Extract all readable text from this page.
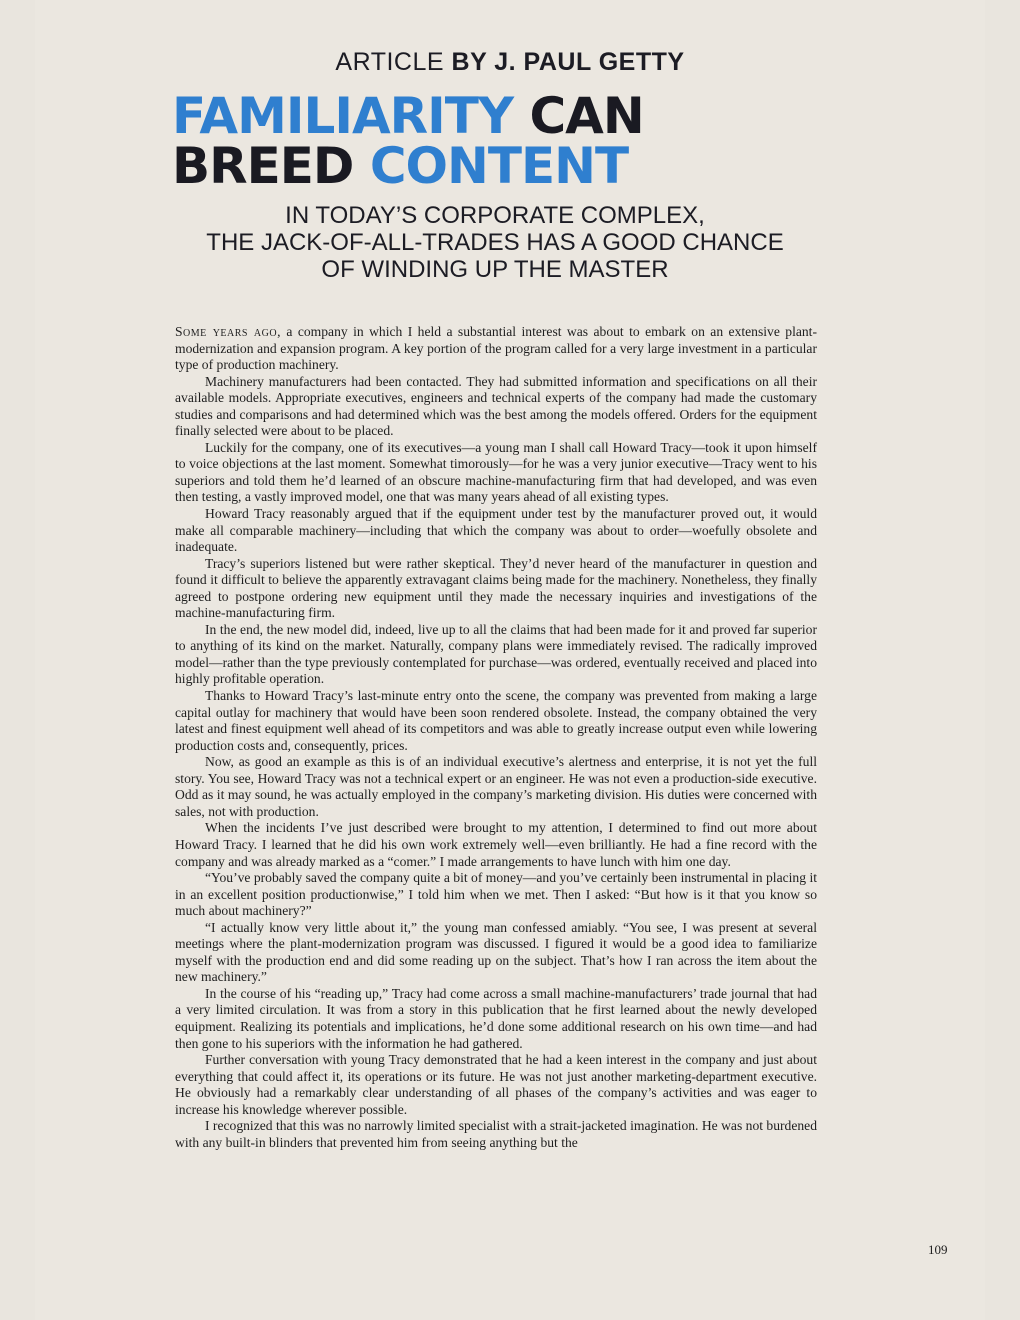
ARTICLE BY J. PAUL GETTY
FAMILIARITY CAN
BREED CONTENT
IN TODAY’S CORPORATE COMPLEX,
THE JACK-OF-ALL-TRADES HAS A GOOD CHANCE
OF WINDING UP THE MASTER

Some years ago, a company in which I held a substantial interest was about to embark on an extensive plant-modernization and expansion program. A key portion of the program called for a very large investment in a particular type of production machinery.

Machinery manufacturers had been contacted. They had submitted information and specifications on all their available models. Appropriate executives, engineers and technical experts of the company had made the customary studies and comparisons and had determined which was the best among the models offered. Orders for the equipment finally selected were about to be placed.

Luckily for the company, one of its executives—a young man I shall call Howard Tracy—took it upon himself to voice objections at the last moment. Somewhat timorously—for he was a very junior executive—Tracy went to his superiors and told them he’d learned of an obscure machine-manufacturing firm that had developed, and was even then testing, a vastly improved model, one that was many years ahead of all existing types.

Howard Tracy reasonably argued that if the equipment under test by the manufacturer proved out, it would make all comparable machinery—including that which the company was about to order—woefully obsolete and inadequate.

Tracy’s superiors listened but were rather skeptical. They’d never heard of the manufacturer in question and found it difficult to believe the apparently extravagant claims being made for the machinery. Nonetheless, they finally agreed to postpone ordering new equipment until they made the necessary inquiries and investigations of the machine-manufacturing firm.

In the end, the new model did, indeed, live up to all the claims that had been made for it and proved far superior to anything of its kind on the market. Naturally, company plans were immediately revised. The radically improved model—rather than the type previously contemplated for purchase—was ordered, eventually received and placed into highly profitable operation.

Thanks to Howard Tracy’s last-minute entry onto the scene, the company was prevented from making a large capital outlay for machinery that would have been soon rendered obsolete. Instead, the company obtained the very latest and finest equipment well ahead of its competitors and was able to greatly increase output even while lowering production costs and, consequently, prices.

Now, as good an example as this is of an individual executive’s alertness and enterprise, it is not yet the full story. You see, Howard Tracy was not a technical expert or an engineer. He was not even a production-side executive. Odd as it may sound, he was actually employed in the company’s marketing division. His duties were concerned with sales, not with production.

When the incidents I’ve just described were brought to my attention, I determined to find out more about Howard Tracy. I learned that he did his own work extremely well—even brilliantly. He had a fine record with the company and was already marked as a “comer.” I made arrangements to have lunch with him one day.

“You’ve probably saved the company quite a bit of money—and you’ve certainly been instrumental in placing it in an excellent position productionwise,” I told him when we met. Then I asked: “But how is it that you know so much about machinery?”

“I actually know very little about it,” the young man confessed amiably. “You see, I was present at several meetings where the plant-modernization program was discussed. I figured it would be a good idea to familiarize myself with the production end and did some reading up on the subject. That’s how I ran across the item about the new machinery.”

In the course of his “reading up,” Tracy had come across a small machine-manufacturers’ trade journal that had a very limited circulation. It was from a story in this publication that he first learned about the newly developed equipment. Realizing its potentials and implications, he’d done some additional research on his own time—and had then gone to his superiors with the information he had gathered.

Further conversation with young Tracy demonstrated that he had a keen interest in the company and just about everything that could affect it, its operations or its future. He was not just another marketing-department executive. He obviously had a remarkably clear understanding of all phases of the company’s activities and was eager to increase his knowledge wherever possible.

I recognized that this was no narrowly limited specialist with a strait-jacketed imagination. He was not burdened with any built-in blinders that prevented him from seeing anything but the

109
